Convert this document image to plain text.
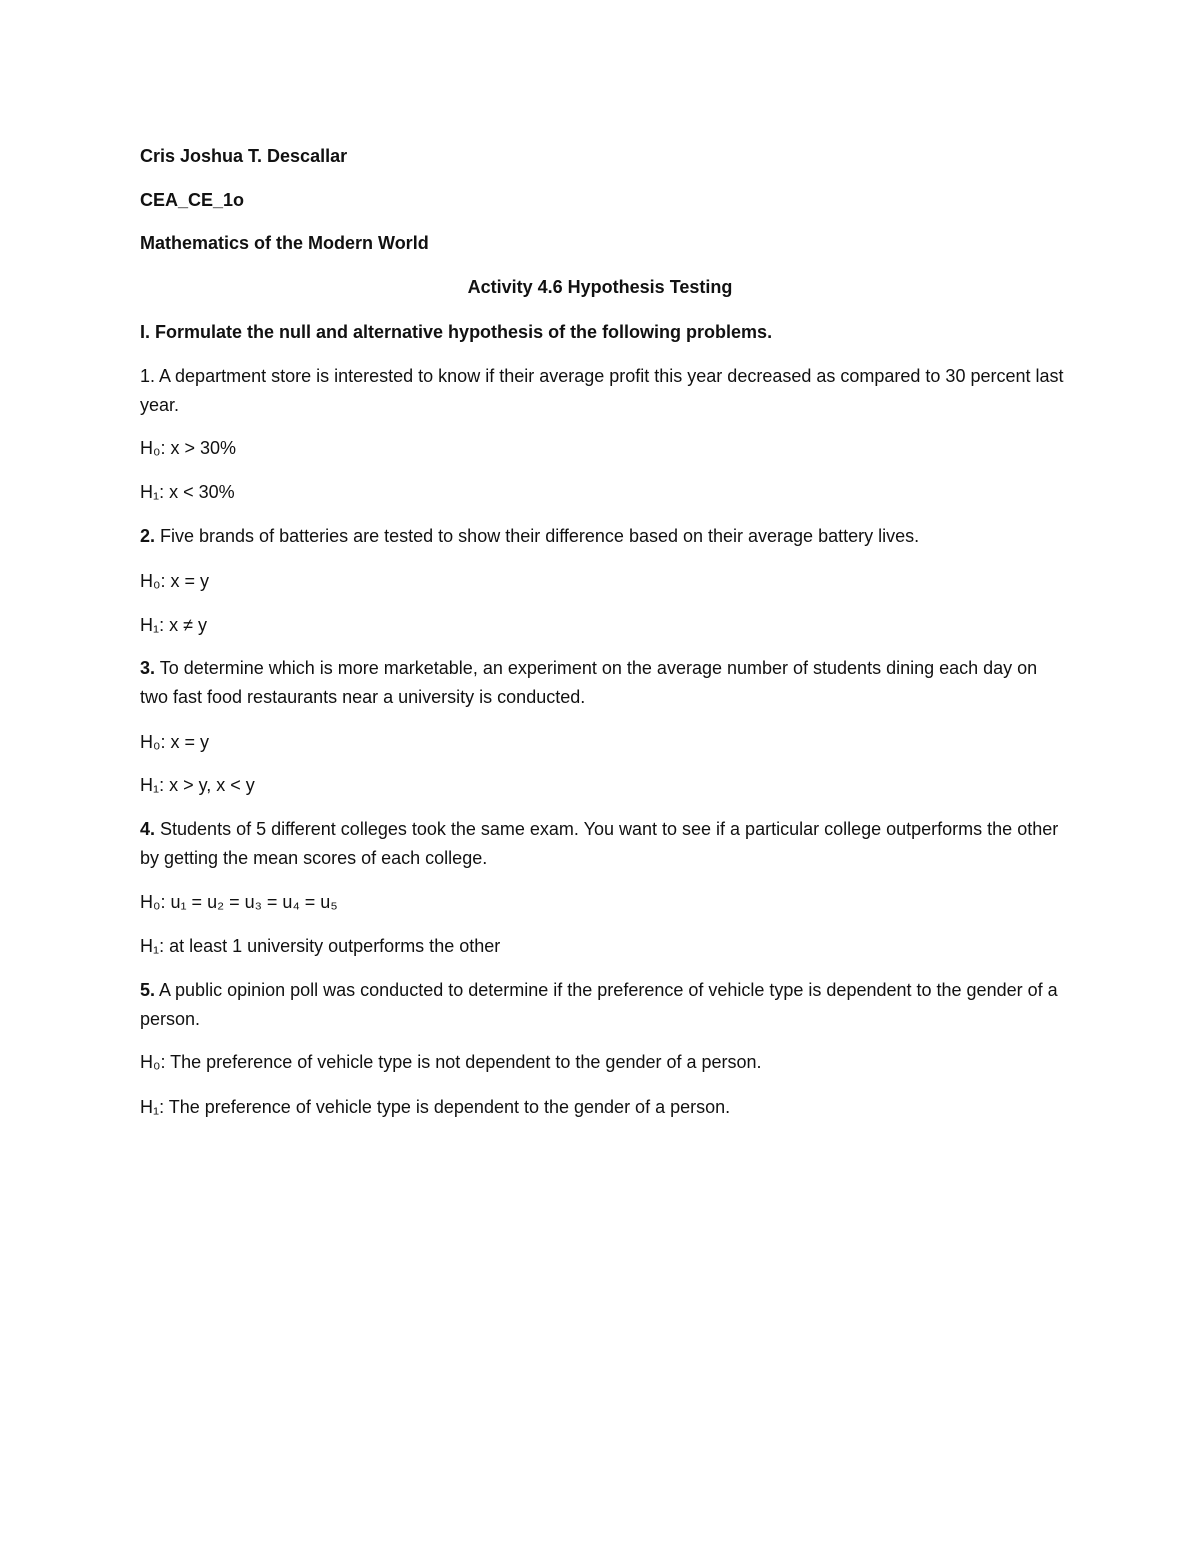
Cris Joshua T. Descallar
CEA_CE_1o
Mathematics of the Modern World
Activity 4.6 Hypothesis Testing
I. Formulate the null and alternative hypothesis of the following problems.
1. A department store is interested to know if their average profit this year decreased as compared to 30 percent last year.
H₀: x > 30%
H₁: x < 30%
2. Five brands of batteries are tested to show their difference based on their average battery lives.
H₀: x = y
H₁: x ≠ y
3. To determine which is more marketable, an experiment on the average number of students dining each day on two fast food restaurants near a university is conducted.
H₀: x = y
H₁: x > y, x < y
4. Students of 5 different colleges took the same exam. You want to see if a particular college outperforms the other by getting the mean scores of each college.
H₀: u₁ = u₂ = u₃ = u₄ = u₅
H₁: at least 1 university outperforms the other
5. A public opinion poll was conducted to determine if the preference of vehicle type is dependent to the gender of a person.
H₀: The preference of vehicle type is not dependent to the gender of a person.
H₁: The preference of vehicle type is dependent to the gender of a person.
